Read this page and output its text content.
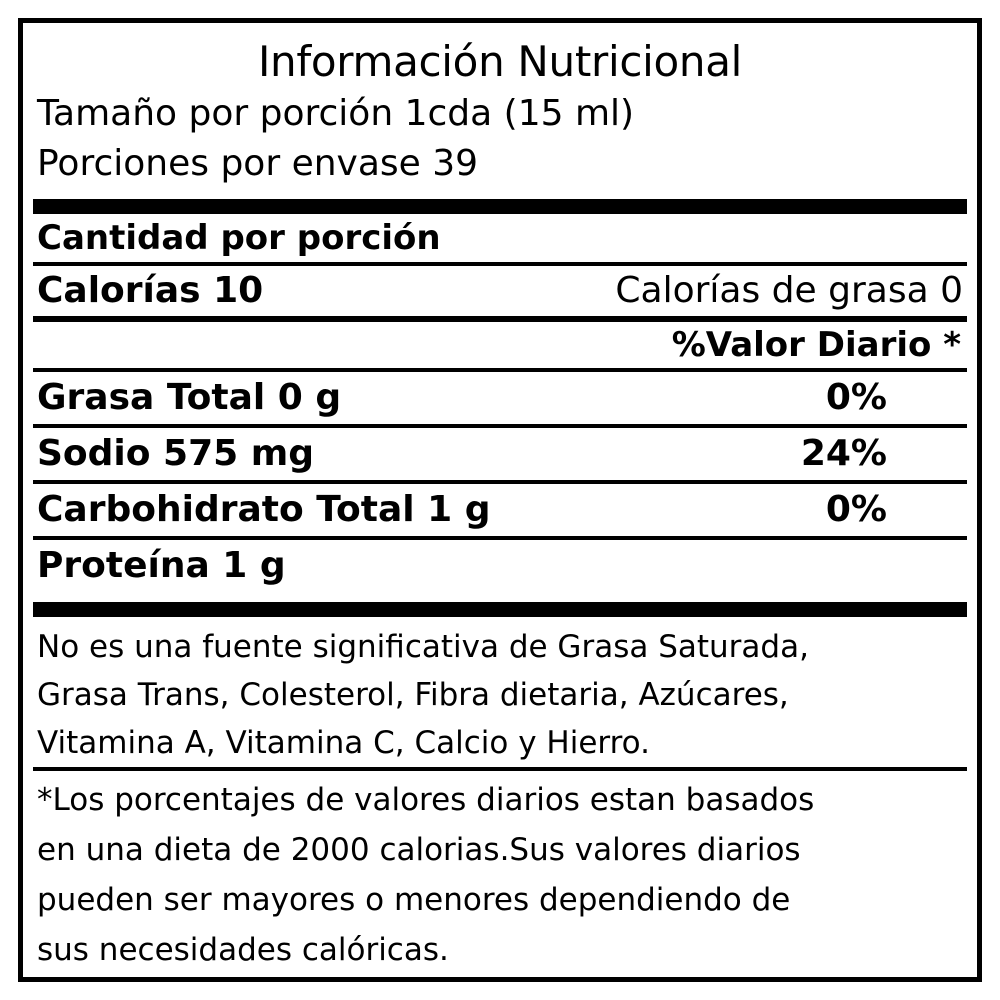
Información Nutricional
Tamaño por porción 1cda (15 ml)
Porciones por envase 39
Cantidad por porción
Calorías 10	Calorías de grasa 0
%Valor Diario *
Grasa Total 0 g	0%
Sodio 575 mg	24%
Carbohidrato Total 1 g	0%
Proteína 1 g
No es una fuente significativa de Grasa Saturada,
Grasa Trans, Colesterol, Fibra dietaria, Azúcares,
Vitamina A, Vitamina C, Calcio y Hierro.
*Los porcentajes de valores diarios estan basados
en una dieta de 2000 calorias.Sus valores diarios
pueden ser mayores o menores dependiendo de
sus necesidades calóricas.
